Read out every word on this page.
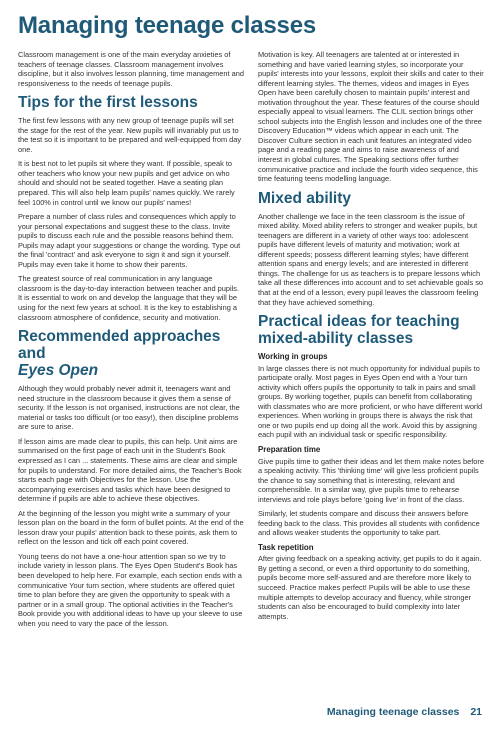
Managing teenage classes

Classroom management is one of the main everyday anxieties of teachers of teenage classes. Classroom management involves discipline, but it also involves lesson planning, time management and responsiveness to the needs of teenage pupils.

Tips for the first lessons

The first few lessons with any new group of teenage pupils will set the stage for the rest of the year. New pupils will invariably put us to the test so it is important to be prepared and well-equipped from day one.

It is best not to let pupils sit where they want. If possible, speak to other teachers who know your new pupils and get advice on who should and should not be seated together. Have a seating plan prepared. This will also help learn pupils' names quickly. We rarely feel 100% in control until we know our pupils' names!

Prepare a number of class rules and consequences which apply to your personal expectations and suggest these to the class. Invite pupils to discuss each rule and the possible reasons behind them. Pupils may adapt your suggestions or change the wording. Type out the final 'contract' and ask everyone to sign it and sign it yourself. Pupils may even take it home to show their parents.

The greatest source of real communication in any language classroom is the day-to-day interaction between teacher and pupils. It is essential to work on and develop the language that they will be using for the next few years at school. It is the key to establishing a classroom atmosphere of confidence, security and motivation.

Recommended approaches and
Eyes Open

Although they would probably never admit it, teenagers want and need structure in the classroom because it gives them a sense of security. If the lesson is not organised, instructions are not clear, the material or tasks too difficult (or too easy!), then discipline problems are sure to arise.

If lesson aims are made clear to pupils, this can help. Unit aims are summarised on the first page of each unit in the Student's Book expressed as I can ... statements. These aims are clear and simple for pupils to understand. For more detailed aims, the Teacher's Book starts each page with Objectives for the lesson. Use the accompanying exercises and tasks which have been designed to determine if pupils are able to achieve these objectives.

At the beginning of the lesson you might write a summary of your lesson plan on the board in the form of bullet points. At the end of the lesson draw your pupils' attention back to these points, ask them to reflect on the lesson and tick off each point covered.

Young teens do not have a one-hour attention span so we try to include variety in lesson plans. The Eyes Open Student's Book has been developed to help here. For example, each section ends with a communicative Your turn section, where students are offered quiet time to plan before they are given the opportunity to speak with a partner or in a small group. The optional activities in the Teacher's Book provide you with additional ideas to have up your sleeve to use when you need to vary the pace of the lesson.

Motivation is key. All teenagers are talented at or interested in something and have varied learning styles, so incorporate your pupils' interests into your lessons, exploit their skills and cater to their different learning styles. The themes, videos and images in Eyes Open have been carefully chosen to maintain pupils' interest and motivation throughout the year. These features of the course should especially appeal to visual learners. The CLIL section brings other school subjects into the English lesson and includes one of the three Discovery Education™ videos which appear in each unit. The Discover Culture section in each unit features an integrated video page and a reading page and aims to raise awareness of and interest in global cultures. The Speaking sections offer further communicative practice and include the fourth video sequence, this time featuring teens modelling language.

Mixed ability

Another challenge we face in the teen classroom is the issue of mixed ability. Mixed ability refers to stronger and weaker pupils, but teenagers are different in a variety of other ways too: adolescent pupils have different levels of maturity and motivation; work at different speeds; possess different learning styles; have different attention spans and energy levels; and are interested in different things. The challenge for us as teachers is to prepare lessons which take all these differences into account and to set achievable goals so that at the end of a lesson, every pupil leaves the classroom feeling that they have achieved something.

Practical ideas for teaching mixed-ability classes
Working in groups

In large classes there is not much opportunity for individual pupils to participate orally. Most pages in Eyes Open end with a Your turn activity which offers pupils the opportunity to talk in pairs and small groups. By working together, pupils can benefit from collaborating with classmates who are more proficient, or who have different world experiences. When working in groups there is always the risk that one or two pupils end up doing all the work. Avoid this by assigning each pupil with an individual task or specific responsibility.

Preparation time

Give pupils time to gather their ideas and let them make notes before a speaking activity. This 'thinking time' will give less proficient pupils the chance to say something that is interesting, relevant and comprehensible. In a similar way, give pupils time to rehearse interviews and role plays before 'going live' in front of the class.

Similarly, let students compare and discuss their answers before feeding back to the class. This provides all students with confidence and allows weaker students the opportunity to take part.

Task repetition

After giving feedback on a speaking activity, get pupils to do it again. By getting a second, or even a third opportunity to do something, pupils become more self-assured and are therefore more likely to succeed. Practice makes perfect! Pupils will be able to use these multiple attempts to develop accuracy and fluency, while stronger students can also be encouraged to build complexity into later attempts.

Managing teenage classes 21
